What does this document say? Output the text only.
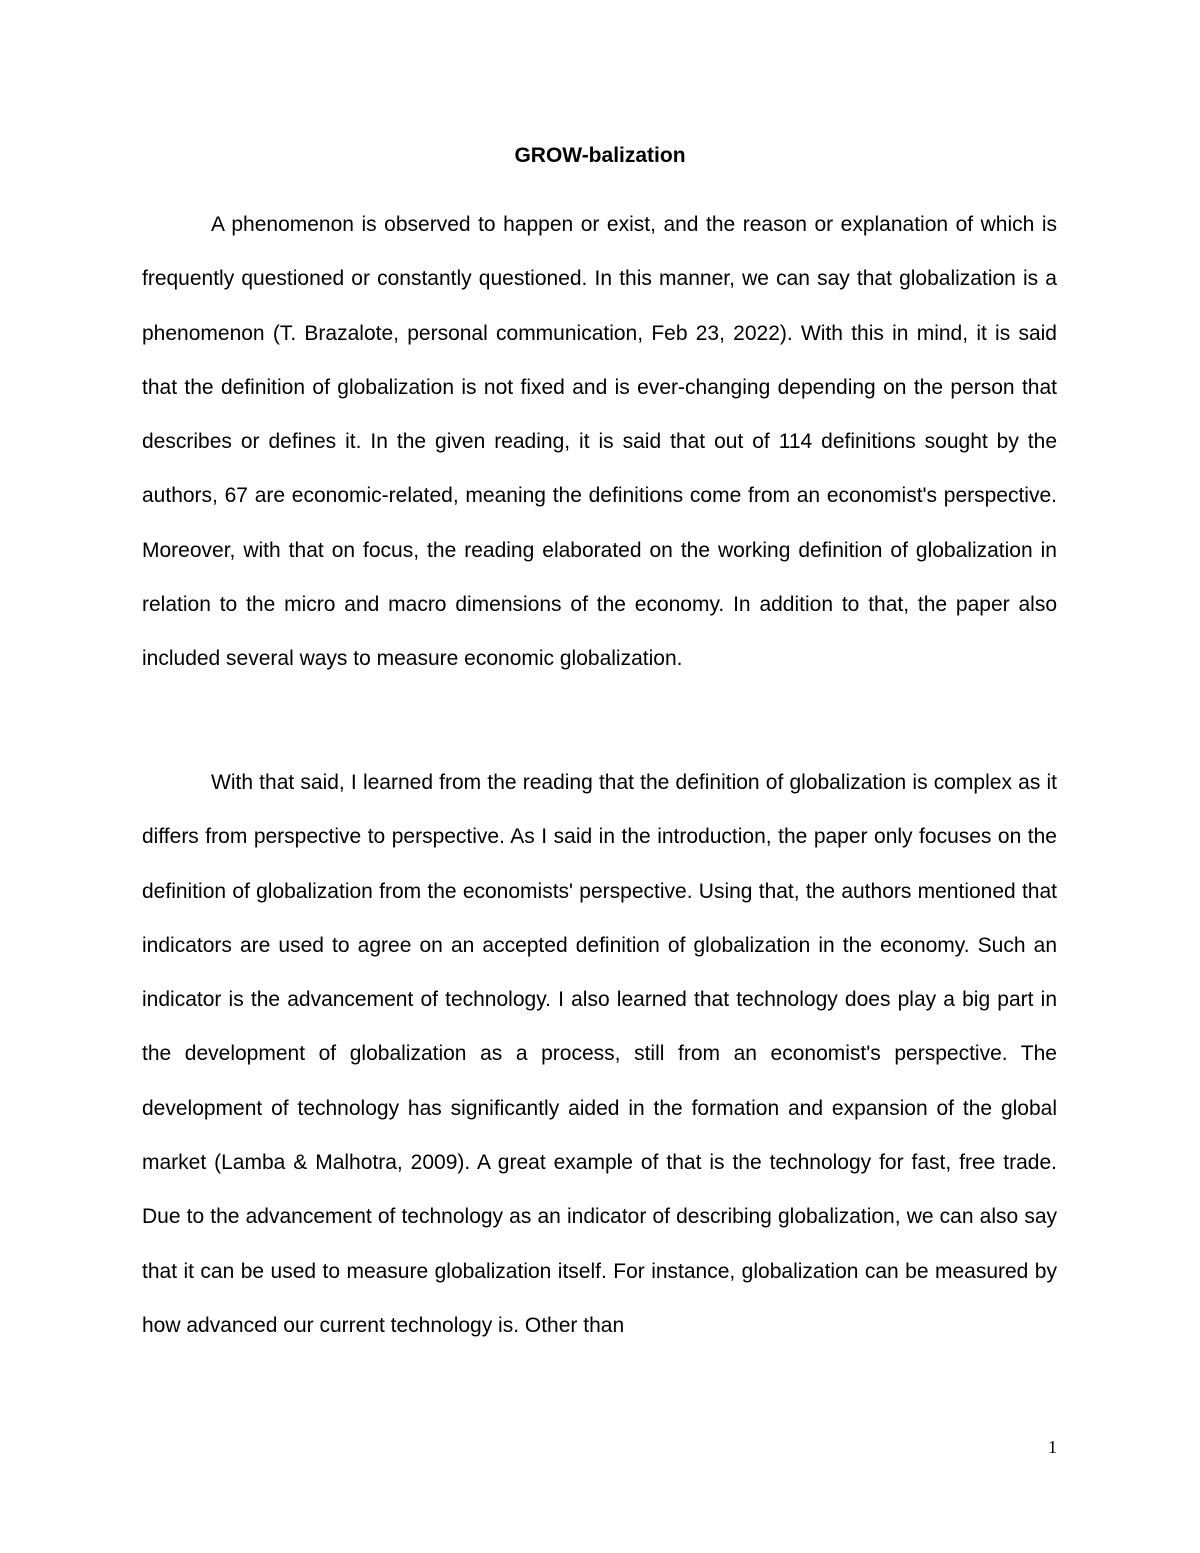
GROW-balization

A phenomenon is observed to happen or exist, and the reason or explanation of which is frequently questioned or constantly questioned. In this manner, we can say that globalization is a phenomenon (T. Brazalote, personal communication, Feb 23, 2022). With this in mind, it is said that the definition of globalization is not fixed and is ever-changing depending on the person that describes or defines it. In the given reading, it is said that out of 114 definitions sought by the authors, 67 are economic-related, meaning the definitions come from an economist's perspective. Moreover, with that on focus, the reading elaborated on the working definition of globalization in relation to the micro and macro dimensions of the economy. In addition to that, the paper also included several ways to measure economic globalization.

With that said, I learned from the reading that the definition of globalization is complex as it differs from perspective to perspective. As I said in the introduction, the paper only focuses on the definition of globalization from the economists' perspective. Using that, the authors mentioned that indicators are used to agree on an accepted definition of globalization in the economy. Such an indicator is the advancement of technology. I also learned that technology does play a big part in the development of globalization as a process, still from an economist's perspective. The development of technology has significantly aided in the formation and expansion of the global market (Lamba & Malhotra, 2009). A great example of that is the technology for fast, free trade. Due to the advancement of technology as an indicator of describing globalization, we can also say that it can be used to measure globalization itself. For instance, globalization can be measured by how advanced our current technology is. Other than

1
